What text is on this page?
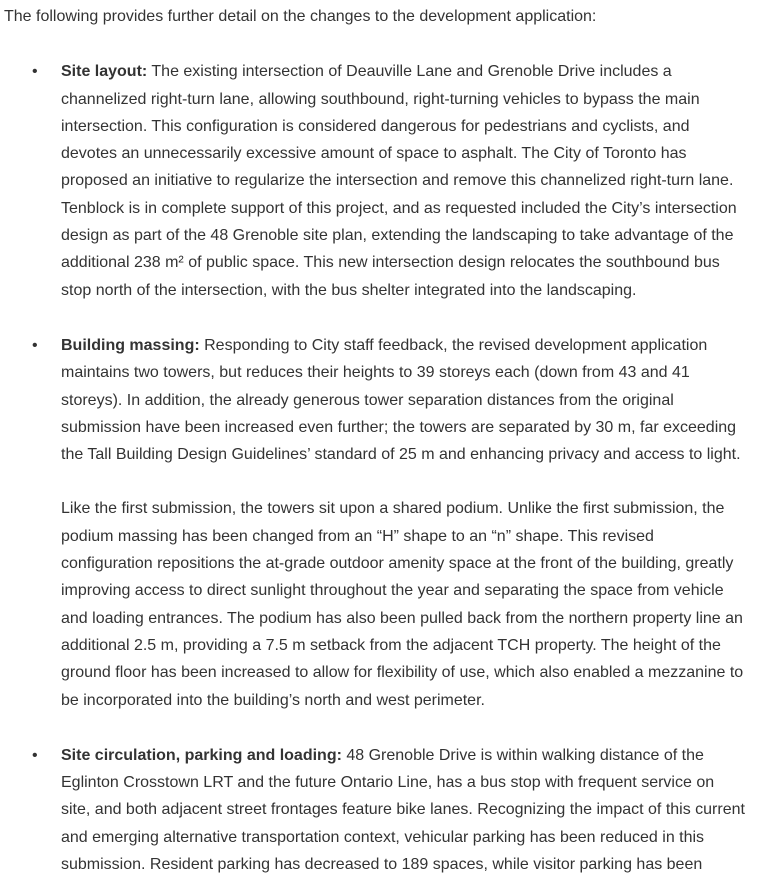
The following provides further detail on the changes to the development application:

• Site layout: The existing intersection of Deauville Lane and Grenoble Drive includes a
channelized right-turn lane, allowing southbound, right-turning vehicles to bypass the main
intersection. This configuration is considered dangerous for pedestrians and cyclists, and
devotes an unnecessarily excessive amount of space to asphalt. The City of Toronto has
proposed an initiative to regularize the intersection and remove this channelized right-turn lane.
Tenblock is in complete support of this project, and as requested included the City’s intersection
design as part of the 48 Grenoble site plan, extending the landscaping to take advantage of the
additional 238 m² of public space. This new intersection design relocates the southbound bus
stop north of the intersection, with the bus shelter integrated into the landscaping.

• Building massing: Responding to City staff feedback, the revised development application
maintains two towers, but reduces their heights to 39 storeys each (down from 43 and 41
storeys). In addition, the already generous tower separation distances from the original
submission have been increased even further; the towers are separated by 30 m, far exceeding
the Tall Building Design Guidelines’ standard of 25 m and enhancing privacy and access to light.

Like the first submission, the towers sit upon a shared podium. Unlike the first submission, the
podium massing has been changed from an “H” shape to an “n” shape. This revised
configuration repositions the at-grade outdoor amenity space at the front of the building, greatly
improving access to direct sunlight throughout the year and separating the space from vehicle
and loading entrances. The podium has also been pulled back from the northern property line an
additional 2.5 m, providing a 7.5 m setback from the adjacent TCH property. The height of the
ground floor has been increased to allow for flexibility of use, which also enabled a mezzanine to
be incorporated into the building’s north and west perimeter.

• Site circulation, parking and loading: 48 Grenoble Drive is within walking distance of the
Eglinton Crosstown LRT and the future Ontario Line, has a bus stop with frequent service on
site, and both adjacent street frontages feature bike lanes. Recognizing the impact of this current
and emerging alternative transportation context, vehicular parking has been reduced in this
submission. Resident parking has decreased to 189 spaces, while visitor parking has been
